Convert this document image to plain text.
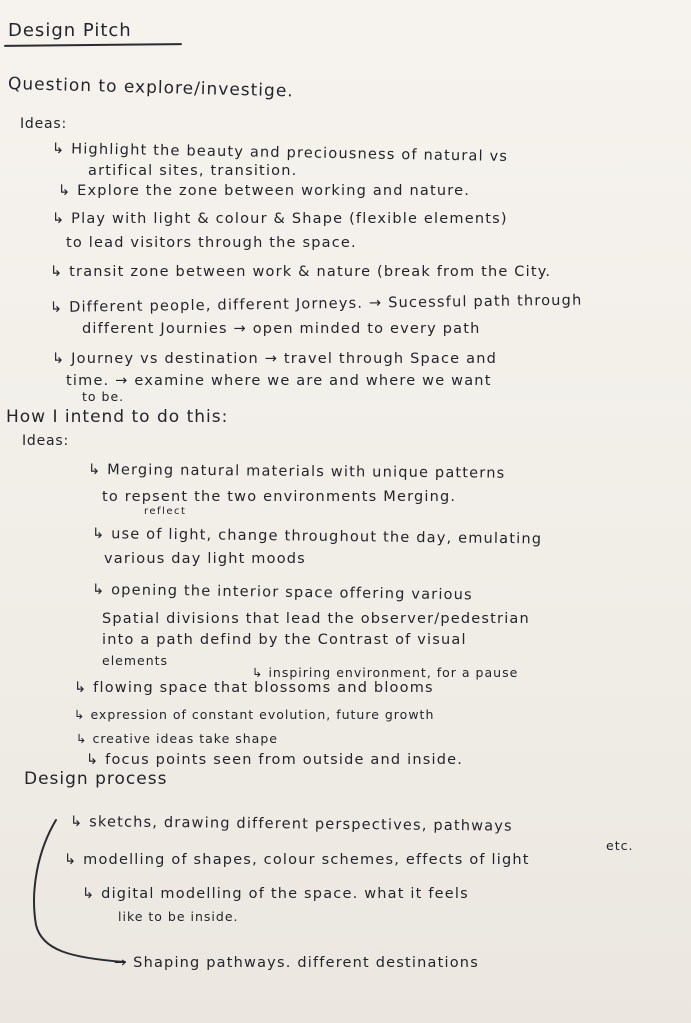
Design Pitch
Question to explore/investige.
Ideas:
↳ Highlight the beauty and preciousness of natural vs
artifical sites, transition.
↳ Explore the zone between working and nature.
↳ Play with light & colour & Shape (flexible elements)
to lead visitors through the space.
↳ transit zone between work & nature (break from the City.
↳ Different people, different Jorneys. → Sucessful path through
different Journies → open minded to every path
↳ Journey vs destination → travel through Space and
time. → examine where we are and where we want
to be.
How I intend to do this:
Ideas:
↳ Merging natural materials with unique patterns
to repsent the two environments Merging.
reflect
↳ use of light, change throughout the day, emulating
various day light moods
↳ opening the interior space offering various
Spatial divisions that lead the observer/pedestrian
into a path defind by the Contrast of visual
elements
↳ inspiring environment, for a pause
↳ flowing space that blossoms and blooms
↳ expression of constant evolution, future growth
↳ creative ideas take shape
↳ focus points seen from outside and inside.
Design process
↳ sketchs, drawing different perspectives, pathways
etc.
↳ modelling of shapes, colour schemes, effects of light
↳ digital modelling of the space. what it feels
like to be inside.
→ Shaping pathways. different destinations
